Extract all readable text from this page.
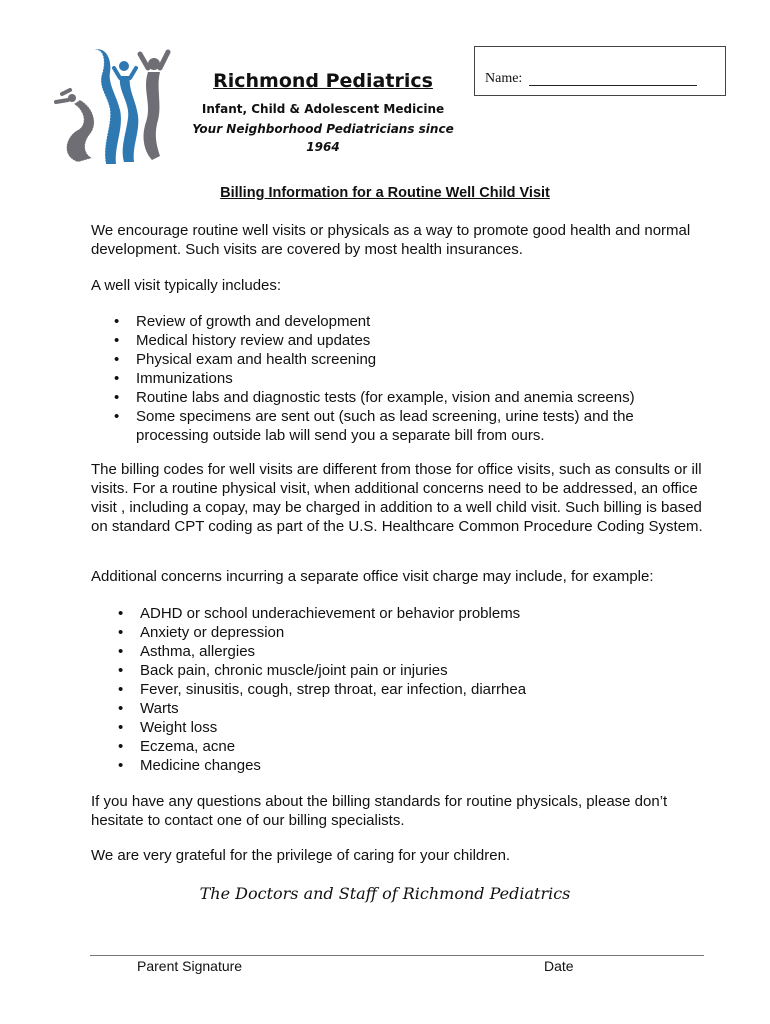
Richmond Pediatrics

Infant, Child & Adolescent Medicine

Your Neighborhood Pediatricians since 1964

Name:
Billing Information for a Routine Well Child Visit

We encourage routine well visits or physicals as a way to promote good health and normal development. Such visits are covered by most health insurances.

A well visit typically includes:

• Review of growth and development
• Medical history review and updates
• Physical exam and health screening
• Immunizations
• Routine labs and diagnostic tests (for example, vision and anemia screens)
• Some specimens are sent out (such as lead screening, urine tests) and the processing outside lab will send you a separate bill from ours.

The billing codes for well visits are different from those for office visits, such as consults or ill visits. For a routine physical visit, when additional concerns need to be addressed, an office visit , including a copay, may be charged in addition to a well child visit. Such billing is based on standard CPT coding as part of the U.S. Healthcare Common Procedure Coding System.

Additional concerns incurring a separate office visit charge may include, for example:

• ADHD or school underachievement or behavior problems
• Anxiety or depression
• Asthma, allergies
• Back pain, chronic muscle/joint pain or injuries
• Fever, sinusitis, cough, strep throat, ear infection, diarrhea
• Warts
• Weight loss
• Eczema, acne
• Medicine changes

If you have any questions about the billing standards for routine physicals, please don’t hesitate to contact one of our billing specialists.

We are very grateful for the privilege of caring for your children.

The Doctors and Staff of Richmond Pediatrics
Parent Signature	Date
